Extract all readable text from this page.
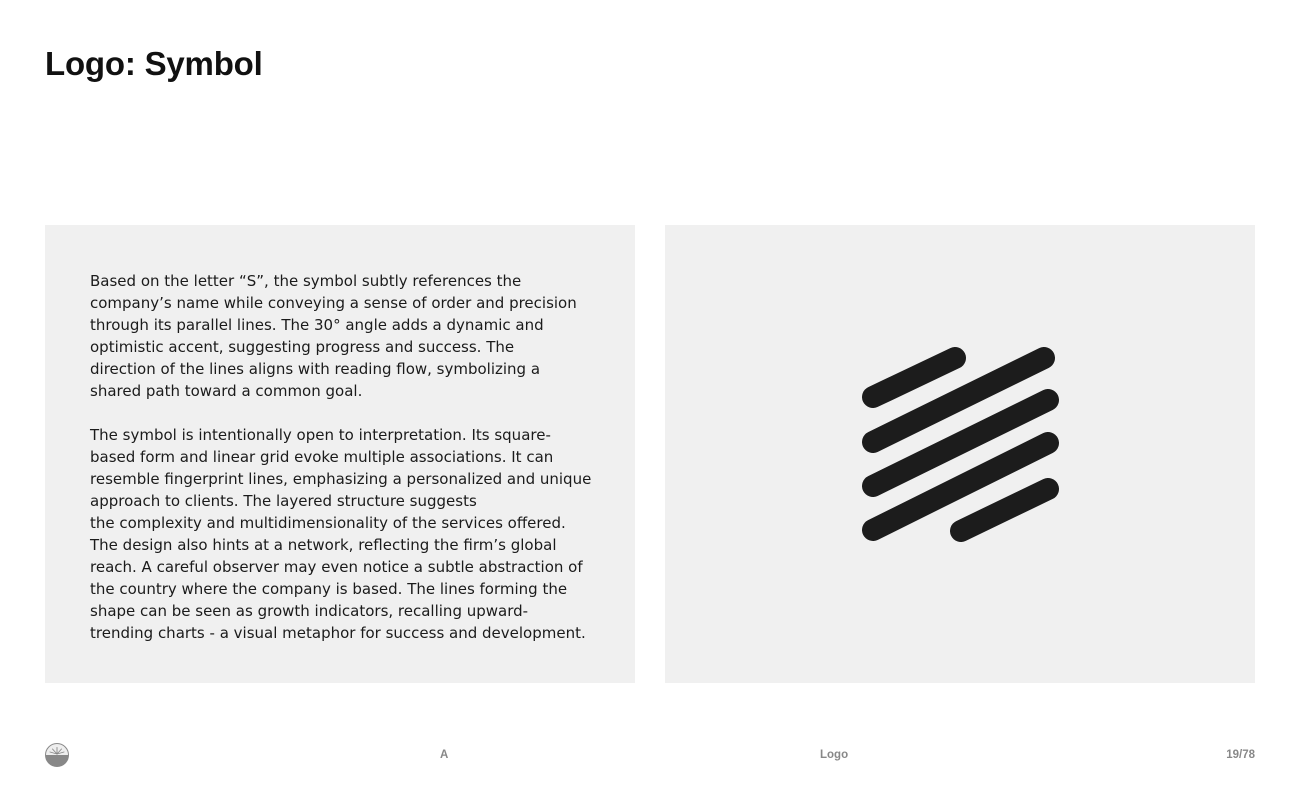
Logo: Symbol

Based on the letter “S”, the symbol subtly references the
company’s name while conveying a sense of order and precision
through its parallel lines. The 30° angle adds a dynamic and
optimistic accent, suggesting progress and success. The
direction of the lines aligns with reading flow, symbolizing a
shared path toward a common goal.

The symbol is intentionally open to interpretation. Its square-
based form and linear grid evoke multiple associations. It can
resemble fingerprint lines, emphasizing a personalized and unique
approach to clients. The layered structure suggests
the complexity and multidimensionality of the services offered.
The design also hints at a network, reflecting the firm’s global
reach. A careful observer may even notice a subtle abstraction of
the country where the company is based. The lines forming the
shape can be seen as growth indicators, recalling upward-
trending charts - a visual metaphor for success and development.

A	Logo	19/78
